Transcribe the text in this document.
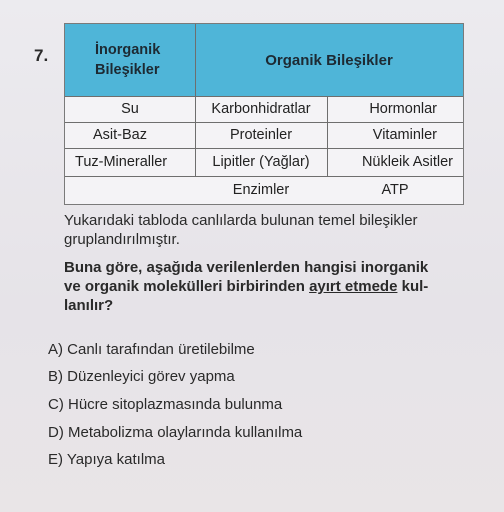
7.	İnorganik
Bileşikler
Organik Bileşikler
Su
Asit-Baz
Tuz-Mineraller
Karbonhidratlar
Proteinler
Lipitler (Yağlar)
Enzimler
Hormonlar
Vitaminler
Nükleik Asitler
ATP
Yukarıdaki tabloda canlılarda bulunan temel bileşikler
gruplandırılmıştır.
Buna göre, aşağıda verilenlerden hangisi inorganik
ve organik molekülleri birbirinden ayırt etmede kul-
lanılır?
A) Canlı tarafından üretilebilme
B) Düzenleyici görev yapma
C) Hücre sitoplazmasında bulunma
D) Metabolizma olaylarında kullanılma
E) Yapıya katılma
